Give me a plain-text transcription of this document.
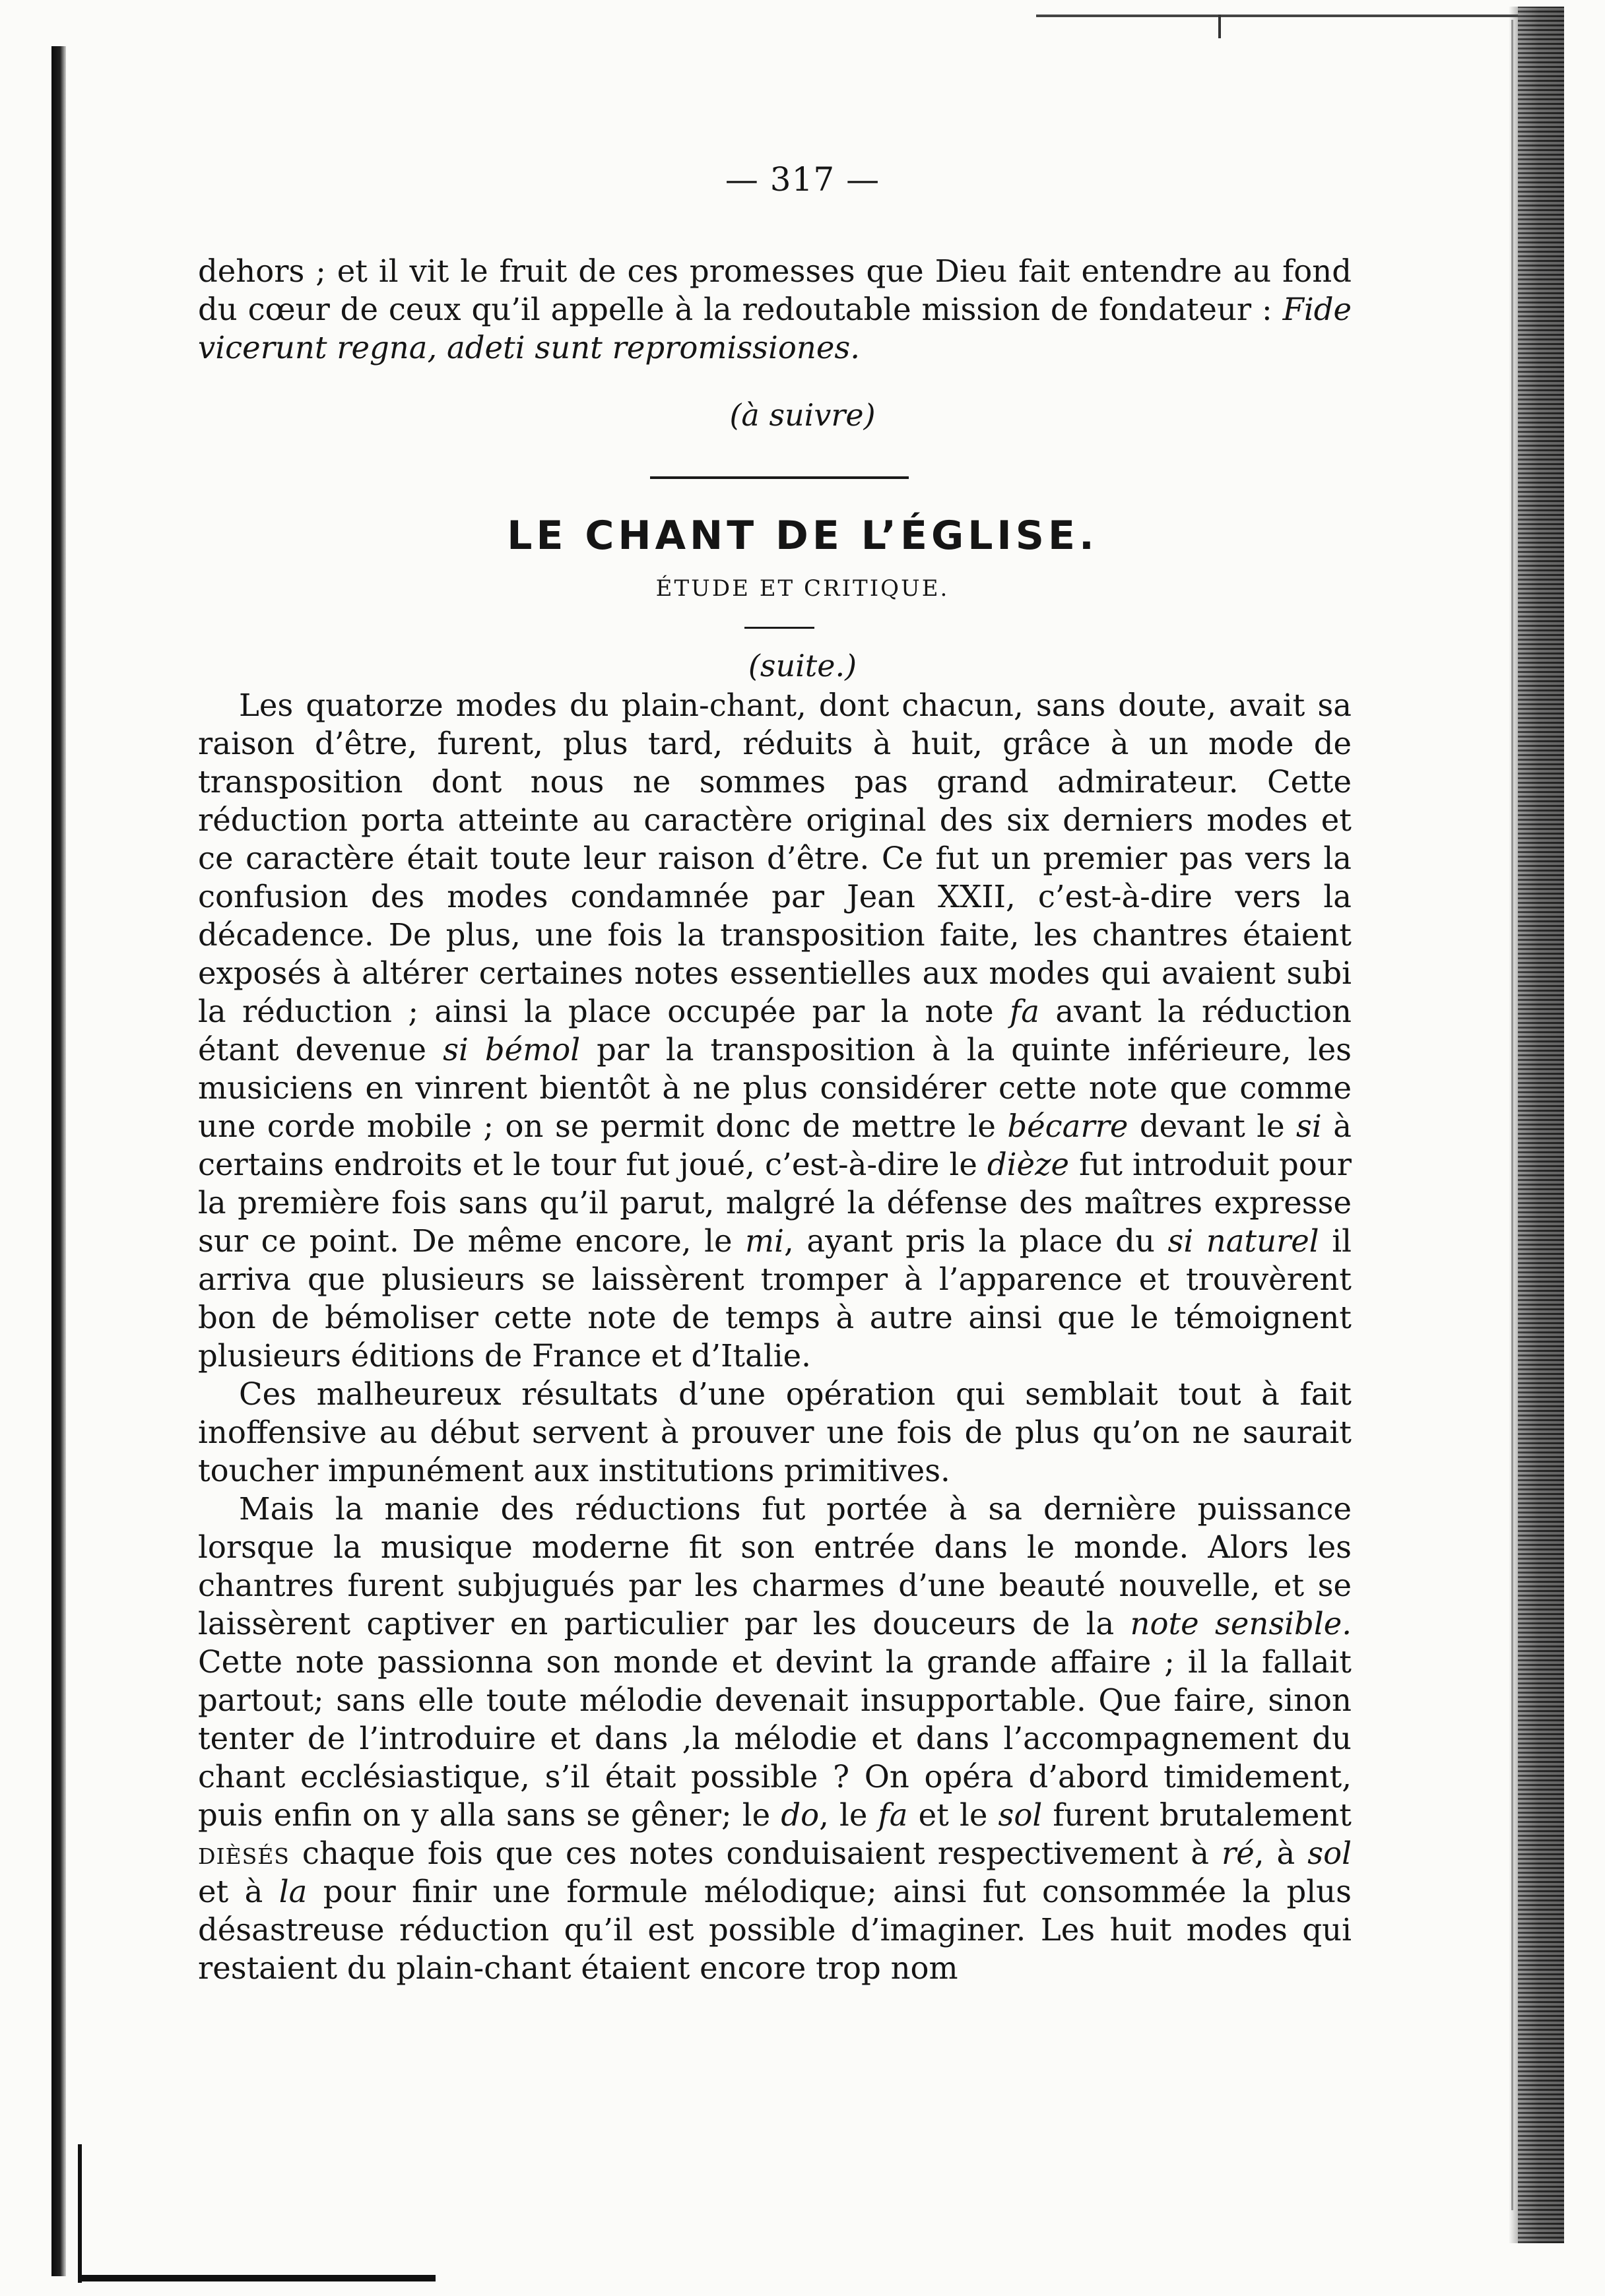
— 317 —

dehors ; et il vit le fruit de ces promesses que Dieu fait entendre au fond du cœur de ceux qu’il appelle à la redoutable mission de fondateur : Fide vicerunt regna, adeti sunt repromissiones.

(à suivre)
LE CHANT DE L’ÉGLISE.
ÉTUDE ET CRITIQUE.
(suite.)

Les quatorze modes du plain-chant, dont chacun, sans doute, avait sa raison d’être, furent, plus tard, réduits à huit, grâce à un mode de transposition dont nous ne sommes pas grand admirateur. Cette réduction porta atteinte au caractère original des six derniers modes et ce caractère était toute leur raison d’être. Ce fut un premier pas vers la confusion des modes condamnée par Jean XXII, c’est-à-dire vers la décadence. De plus, une fois la transposition faite, les chantres étaient exposés à altérer certaines notes essentielles aux modes qui avaient subi la réduction ; ainsi la place occupée par la note fa avant la réduction étant devenue si bémol par la transposition à la quinte inférieure, les musiciens en vinrent bientôt à ne plus considérer cette note que comme une corde mobile ; on se permit donc de mettre le bécarre devant le si à certains endroits et le tour fut joué, c’est-à-dire le dièze fut introduit pour la première fois sans qu’il parut, malgré la défense des maîtres expresse sur ce point. De même encore, le mi, ayant pris la place du si naturel il arriva que plusieurs se laissèrent tromper à l’apparence et trouvèrent bon de bémoliser cette note de temps à autre ainsi que le témoignent plusieurs éditions de France et d’Italie.

Ces malheureux résultats d’une opération qui semblait tout à fait inoffensive au début servent à prouver une fois de plus qu’on ne saurait toucher impunément aux institutions primitives.

Mais la manie des réductions fut portée à sa dernière puissance lorsque la musique moderne fit son entrée dans le monde. Alors les chantres furent subjugués par les charmes d’une beauté nouvelle, et se laissèrent captiver en particulier par les douceurs de la note sensible. Cette note passionna son monde et devint la grande affaire ; il la fallait partout; sans elle toute mélodie devenait insupportable. Que faire, sinon tenter de l’introduire et dans ,la mélodie et dans l’accompagnement du chant ecclésiastique, s’il était possible ? On opéra d’abord timidement, puis enfin on y alla sans se gêner; le do, le fa et le sol furent brutalement dièsés chaque fois que ces notes conduisaient respectivement à ré, à sol et à la pour finir une formule mélodique; ainsi fut consommée la plus désastreuse réduction qu’il est possible d’imaginer. Les huit modes qui restaient du plain-chant étaient encore trop nom
